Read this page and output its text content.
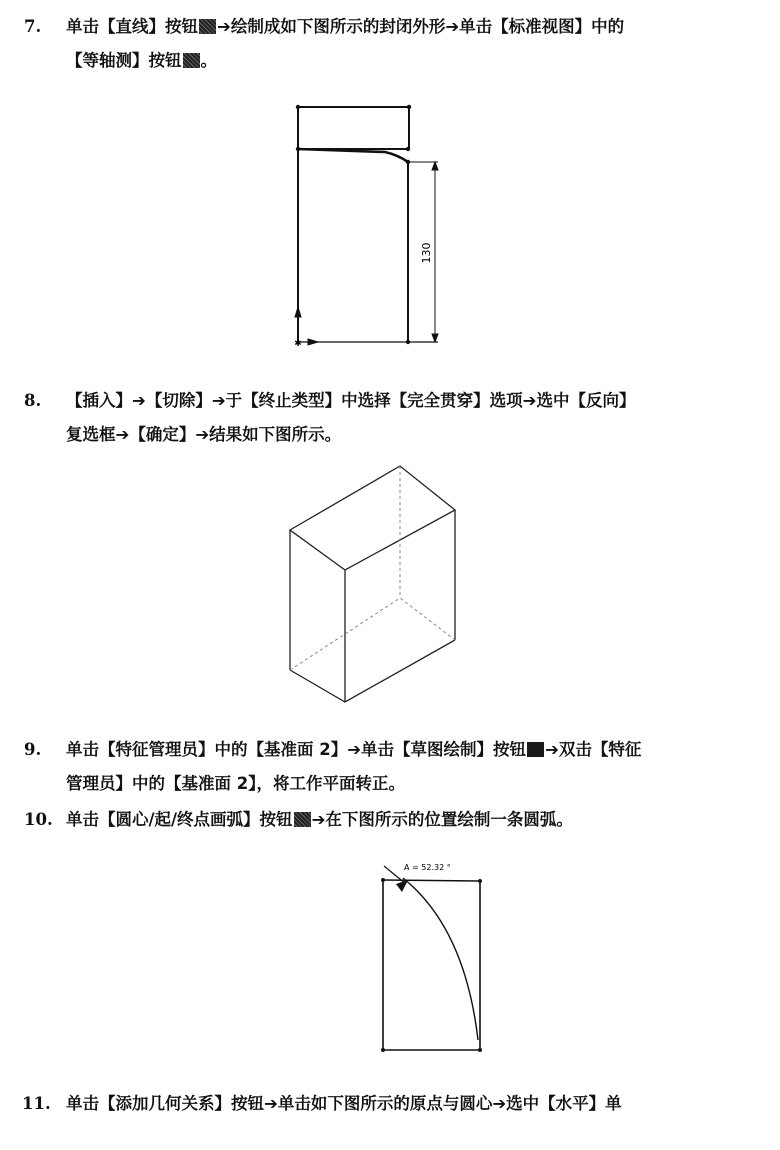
7.	单击【直线】按钮 ➔绘制成如下图所示的封闭外形➔单击【标准视图】中的
【等轴测】按钮 。
✱
130
8.	【插入】➔【切除】➔于【终止类型】中选择【完全贯穿】选项➔选中【反向】
复选框➔【确定】➔结果如下图所示。
9.	单击【特征管理员】中的【基准面 2】➔单击【草图绘制】按钮 ➔双击【特征
管理员】中的【基准面 2】，将工作平面转正。
10. 单击【圆心/起/终点画弧】按钮 ➔在下图所示的位置绘制一条圆弧。
A = 52.32 °
11. 单击【添加几何关系】按钮➔单击如下图所示的原点与圆心➔选中【水平】单
